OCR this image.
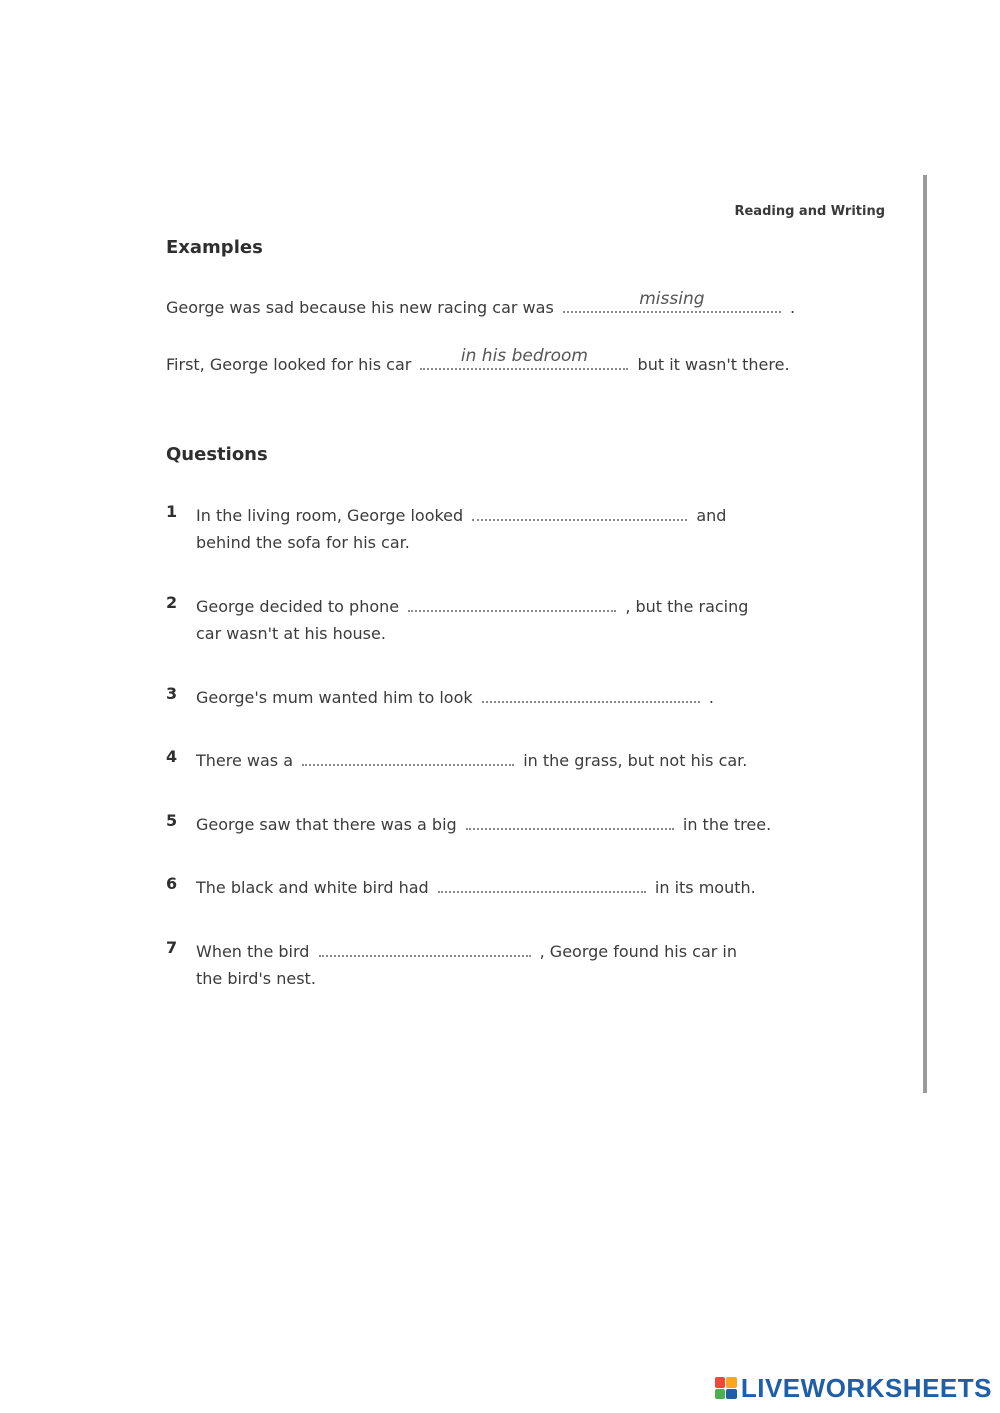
Reading and Writing
Examples
George was sad because his new racing car was	missing	.
First, George looked for his car	in his bedroom	but it wasn't there.
Questions
1	In the living room, George looked	and
behind the sofa for his car.
2	George decided to phone	, but the racing
car wasn't at his house.
3	George's mum wanted him to look	.
4	There was a	in the grass, but not his car.
5	George saw that there was a big	in the tree.
6	The black and white bird had	in its mouth.
7	When the bird	, George found his car in
the bird's nest.
LIVEWORKSHEETS
